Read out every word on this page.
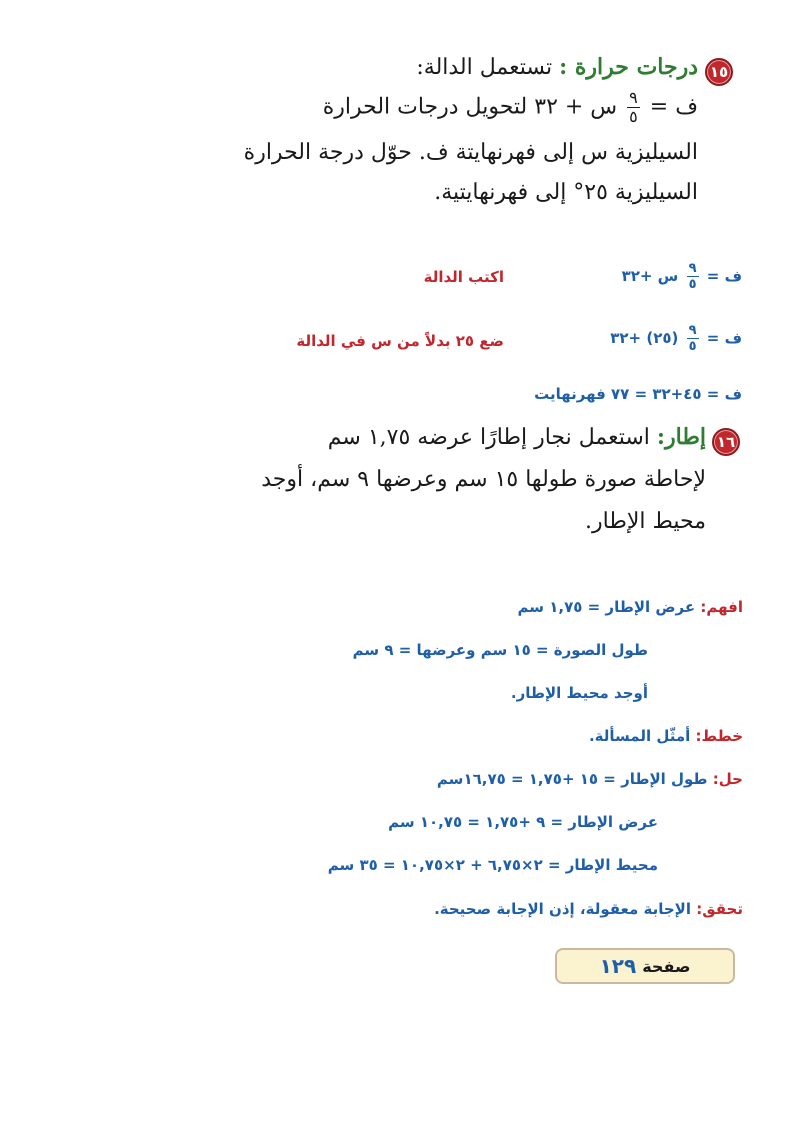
١٥
درجات حرارة : تستعمل الدالة:
ف =
$\frac{٩}{٥}$
س + ٣٢ لتحويل درجات الحرارة
السيليزية س إلى فهرنهايتة ف. حوّل درجة الحرارة
السيليزية ٢٥° إلى فهرنهايتية.
ف =
$\frac{٩}{٥}$
س +٣٢
اكتب الدالة
ف =
$\frac{٩}{٥}$
(٢٥) +٣٢
ضع ٢٥ بدلاً من س في الدالة
ف = ٤٥+٣٢ = ٧٧ فهرنهايت
١٦
إطار: استعمل نجار إطارًا عرضه ١,٧٥ سم
لإحاطة صورة طولها ١٥ سم وعرضها ٩ سم، أوجد
محيط الإطار.
افهم: عرض الإطار = ١,٧٥ سم
طول الصورة = ١٥ سم وعرضها = ٩ سم
أوجد محيط الإطار.
خطط: أمثّل المسألة.
حل: طول الإطار = ١٥ +١,٧٥ = ١٦,٧٥سم
عرض الإطار = ٩ +١,٧٥ = ١٠,٧٥ سم
محيط الإطار = ٢×٦,٧٥ + ٢×١٠,٧٥ = ٣٥ سم
تحقق: الإجابة معقولة، إذن الإجابة صحيحة.
صفحة
١٢٩
